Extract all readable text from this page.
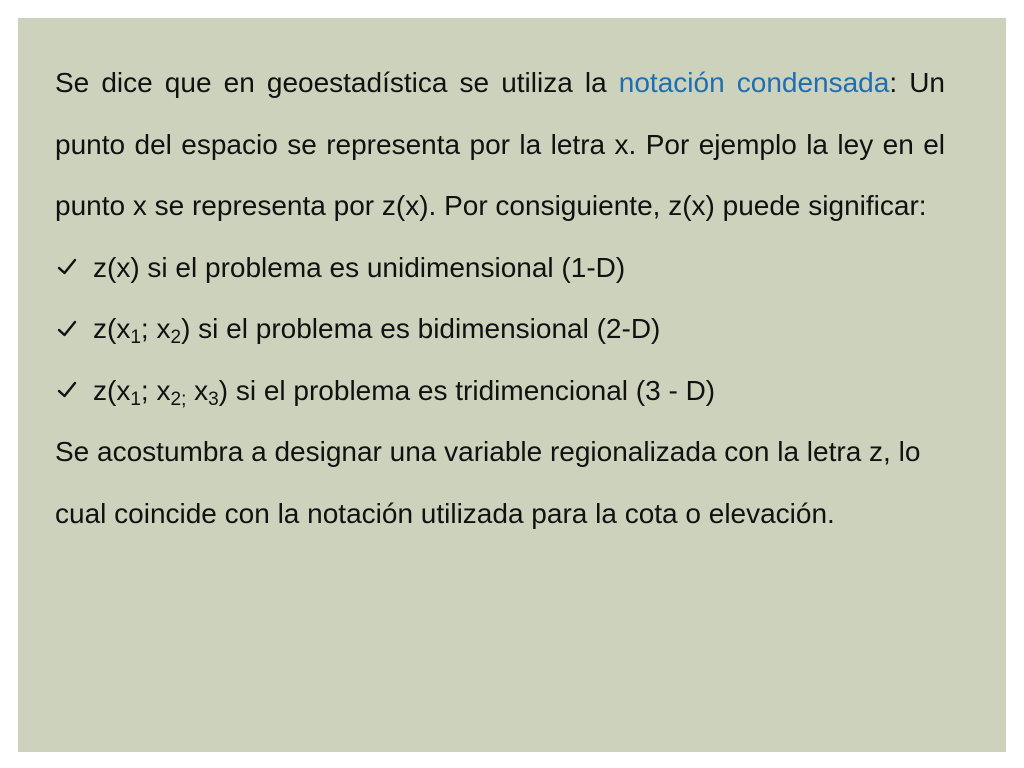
Se dice que en geoestadística se utiliza la notación condensada: Un punto del espacio se representa por la letra x. Por ejemplo la ley en el punto x se representa por z(x). Por consiguiente, z(x) puede significar:

z(x) si el problema es unidimensional (1-D)
$z(x_1$; $x_2$) si el problema es bidimensional (2-D)
$z(x_1$; $x_{2;}$ $x_3$) si el problema es tridimencional (3 - D)

Se acostumbra a designar una variable regionalizada con la letra z, lo cual coincide con la notación utilizada para la cota o elevación.
